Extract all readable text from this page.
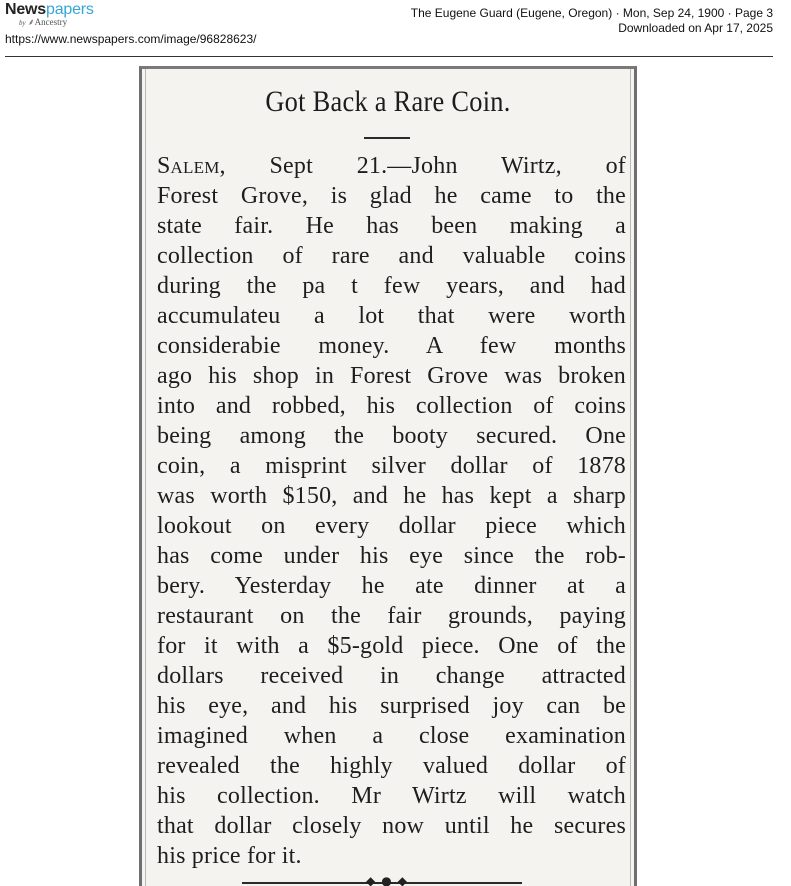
Newspapers
by ⸙Ancestry
https://www.newspapers.com/image/96828623/
The Eugene Guard (Eugene, Oregon) · Mon, Sep 24, 1900 · Page 3
Downloaded on Apr 17, 2025
Got Back a Rare Coin.
Salem, Sept 21.—John Wirtz, of
Forest Grove, is glad he came to the
state fair. He has been making a
collection of rare and valuable coins
during the pa t few years, and had
accumulateu a lot that were worth
considerabie money. A few months
ago his shop in Forest Grove was broken
into and robbed, his collection of coins
being among the booty secured. One
coin, a misprint silver dollar of 1878
was worth $150, and he has kept a sharp
lookout on every dollar piece which
has come under his eye since the rob-
bery. Yesterday he ate dinner at a
restaurant on the fair grounds, paying
for it with a $5-gold piece. One of the
dollars received in change attracted
his eye, and his surprised joy can be
imagined when a close examination
revealed the highly valued dollar of
his collection. Mr Wirtz will watch
that dollar closely now until he secures
his price for it.
◆●◆
